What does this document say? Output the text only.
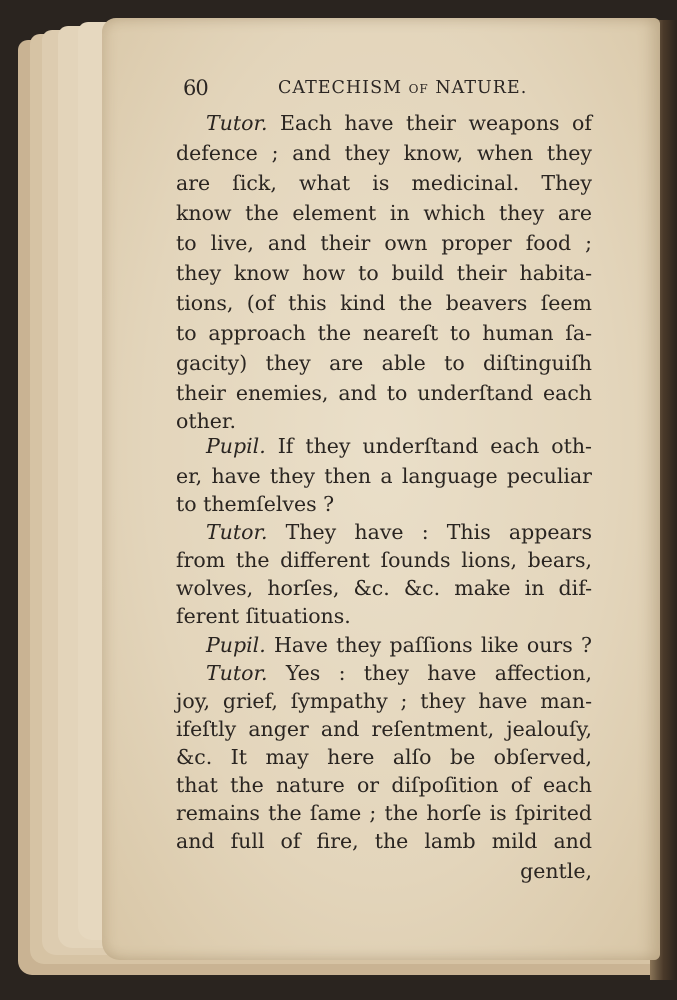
60	CATECHISM OF NATURE.
Tutor. Each have their weapons of
defence ; and they know, when they
are ſick, what is medicinal. They
know the element in which they are
to live, and their own proper food ;
they know how to build their habita-
tions, (of this kind the beavers ſeem
to approach the neareſt to human ſa-
gacity) they are able to diſtinguiſh
their enemies, and to underſtand each
other.
Pupil. If they underſtand each oth-
er, have they then a language peculiar
to themſelves ?
Tutor. They have : This appears
from the different ſounds lions, bears,
wolves, horſes, &c. &c. make in dif-
ferent ſituations.
Pupil. Have they paſſions like ours ?
Tutor. Yes : they have affection,
joy, grief, ſympathy ; they have man-
ifeſtly anger and reſentment, jealouſy,
&c. It may here alſo be obſerved,
that the nature or diſpoſition of each
remains the ſame ; the horſe is ſpirited
and full of fire, the lamb mild and
gentle,
